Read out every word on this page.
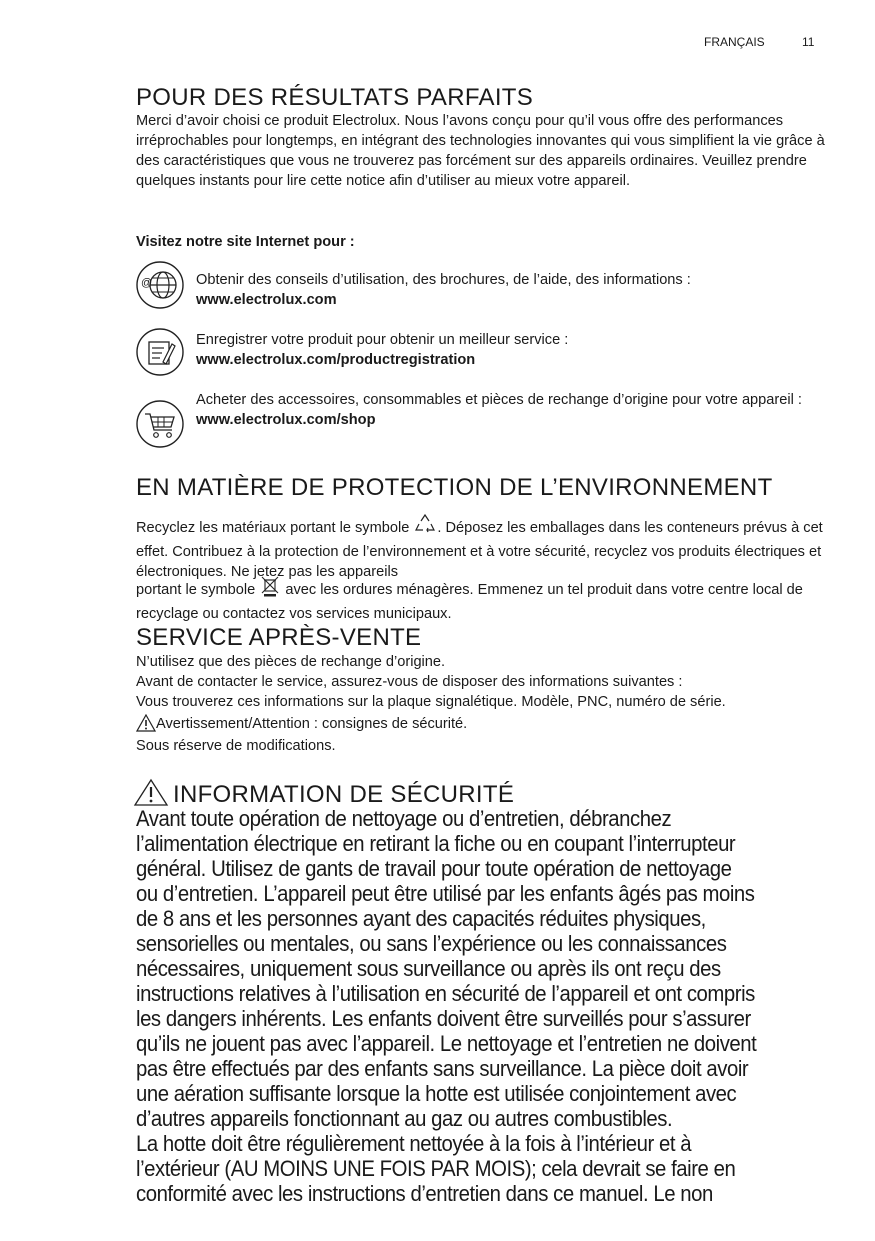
FRANÇAIS	11
POUR DES RÉSULTATS PARFAITS

Merci d’avoir choisi ce produit Electrolux. Nous l’avons conçu pour qu’il vous offre des performances irréprochables pour longtemps, en intégrant des technologies innovantes qui vous simplifient la vie grâce à des caractéristiques que vous ne trouverez pas forcément sur des appareils ordinaires. Veuillez prendre quelques instants pour lire cette notice afin d’utiliser au mieux votre appareil.

Visitez notre site Internet pour :

@	Obtenir des conseils d’utilisation, des brochures, de l’aide, des informations :
www.electrolux.com
Enregistrer votre produit pour obtenir un meilleur service :
www.electrolux.com/productregistration
Acheter des accessoires, consommables et pièces de rechange d’origine pour votre appareil :
www.electrolux.com/shop
EN MATIÈRE DE PROTECTION DE L’ENVIRONNEMENT

Recyclez les matériaux portant le symbole . Déposez les emballages dans les conteneurs prévus à cet effet. Contribuez à la protection de l’environnement et à votre sécurité, recyclez vos produits électriques et électroniques. Ne jetez pas les appareils

portant le symbole avec les ordures ménagères. Emmenez un tel produit dans votre centre local de recyclage ou contactez vos services municipaux.

SERVICE APRÈS-VENTE

N’utilisez que des pièces de rechange d’origine.

Avant de contacter le service, assurez-vous de disposer des informations suivantes :

Vous trouverez ces informations sur la plaque signalétique. Modèle, PNC, numéro de série.

Avertissement/Attention : consignes de sécurité.

Sous réserve de modifications.

INFORMATION DE SÉCURITÉ
Avant toute opération de nettoyage ou d’entretien, débranchez
l’alimentation électrique en retirant la fiche ou en coupant l’interrupteur
général. Utilisez de gants de travail pour toute opération de nettoyage
ou d’entretien. L’appareil peut être utilisé par les enfants âgés pas moins
de 8 ans et les personnes ayant des capacités réduites physiques,
sensorielles ou mentales, ou sans l’expérience ou les connaissances
nécessaires, uniquement sous surveillance ou après ils ont reçu des
instructions relatives à l’utilisation en sécurité de l’appareil et ont compris
les dangers inhérents. Les enfants doivent être surveillés pour s’assurer
qu’ils ne jouent pas avec l’appareil. Le nettoyage et l’entretien ne doivent
pas être effectués par des enfants sans surveillance. La pièce doit avoir
une aération suffisante lorsque la hotte est utilisée conjointement avec
d’autres appareils fonctionnant au gaz ou autres combustibles.
La hotte doit être régulièrement nettoyée à la fois à l’intérieur et à
l’extérieur (AU MOINS UNE FOIS PAR MOIS); cela devrait se faire en
conformité avec les instructions d’entretien dans ce manuel. Le non
